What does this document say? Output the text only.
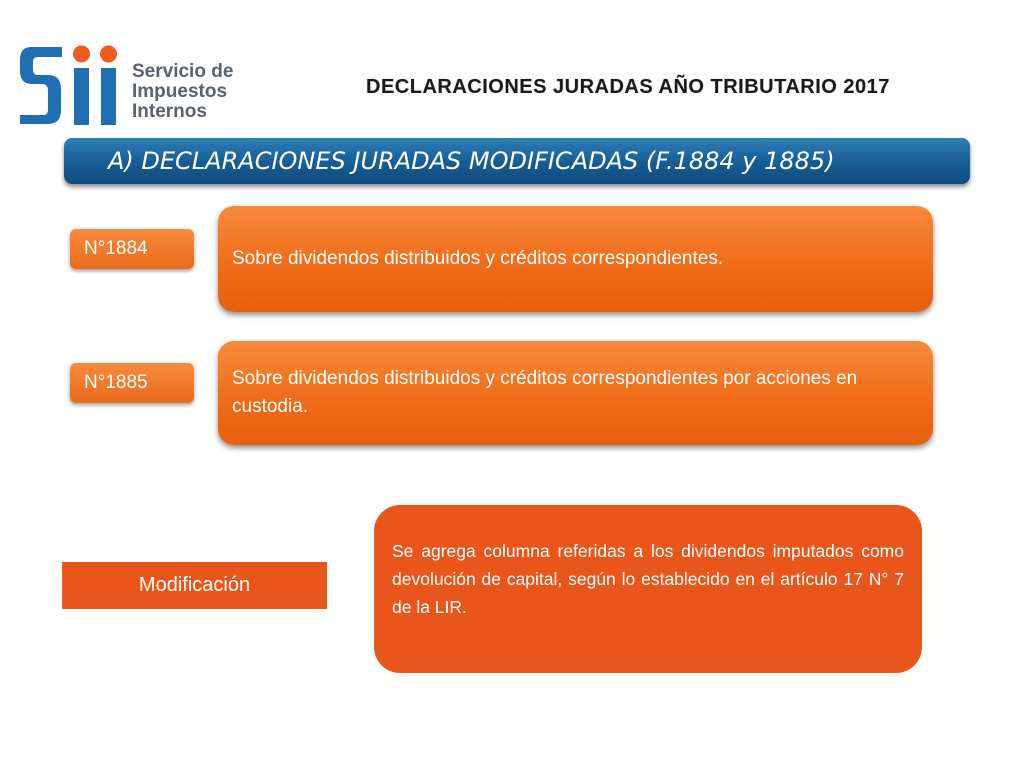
Servicio de
Impuestos
Internos
DECLARACIONES JURADAS AÑO TRIBUTARIO 2017
A) DECLARACIONES JURADAS MODIFICADAS (F.1884 y 1885)
N°1884	Sobre dividendos distribuidos y créditos correspondientes.
N°1885	Sobre dividendos distribuidos y créditos correspondientes por acciones en custodia.
Modificación
Se agrega columna referidas a los dividendos imputados como devolución de capital, según lo establecido en el artículo 17 N° 7 de la LIR.
